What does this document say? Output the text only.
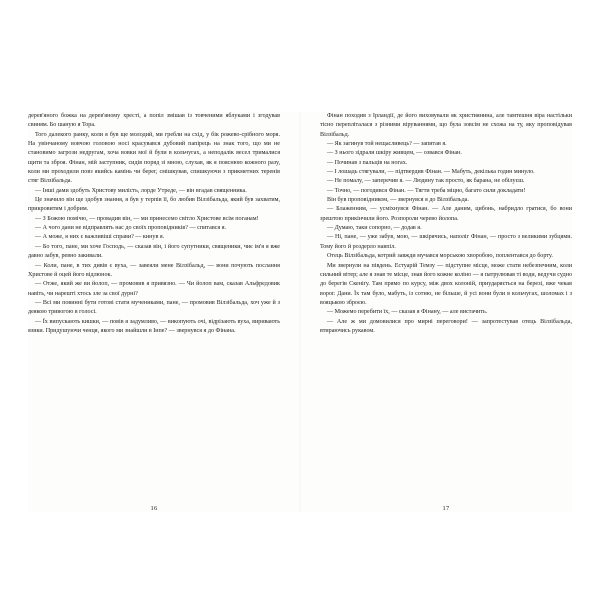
дерев'яного божка на дерев'яному хресті, а попіл змішав із товченими яблуками і згодував свиням. Бо шаную я Тора.

Того далекого ранку, коли я був ще молодий, ми гребли на схід, у бік рожево-срібного моря. На увінчаному вовчою головою носі красувався дубовий папірець на знак того, що ми не становимо загрози недругам, хоча вовки мої й були в кольчугах, а неподалік весел трималися щити та зброя. Фінан, мій заступник, сидів поряд зі мною, слухав, як я пояснюю кожного разу, коли ми проходили повз якийсь камінь чи берег, смішкував, спишкуючи з прикметних теренів стяг Вілзібальда.

— Інші дами здобуть Христову милість, лорде Утреде, — він вгадав священника.

Це значило він ще здобув знання, я був у терпів її, бо любив Вілзібальда, який був захватим, прикровитим і добрим.

— З Божою помічю, — провадив він, — ми принесемо світло Христове всім поганам!

— А чого дани не відправлять нас до своїх проповідників? — спитався я.

— А може, я них є важливіші справи? — кинув я.

— Бо того, пане, ми хоче Господь, — сказав він, і його супутники, священики, чиє ім'я я вже давно забув, ревно закивали.

— Коли, пане, в тих дивів є вуха, — завеяли мене Вілзібальд, — вони почують послання Христове й оцей його відлюнок.

— Отже, який же ви йолоп, — промовив я привязно. — Чи йолоп вам, сказав Альфредовик навіть, чи нарешті хтось зле за свої дурні?

— Всі ми повинні бути готові стати мучениками, пане, — промовив Вілзібальда, хоч уже й з деякою тривогою в голосі.

— Їх випускають кишки, — повів я задумливо, — викопують очі, відрізають вуха, виривають язики. Придушуючи ченця, якого ми знайшли в Інпе? — звернувся я до Фінана.

16

Фінан походив з Ірландії, де його виховували як християнина, але тамтешня віра настільки тісно перепліталася з різними віруваннями, що була зовсім не схожа на ту, яку проповідував Вілзібальд.

— Як загинув той нещасливець? — запитав я.

— З нього зідрали шкіру живцем, — озвався Фінан.

— Починав з пальців на ногах.

— І лошадь стягували, — підтвердив Фінан. — Мабуть, декілька годин минуло.

— Не помалу, — заперечив я. — Людину так просто, як барана, не обілуєш.

— Точно, — погодився Фінан. — Тягти треба міцно, багато сили докладати!

Він був проповідником, — звернувся я до Вілзібальда.

— Блаженним, — усміхнувся Фінан. — Але даним, цибонь, набридло гратися, бо вони зрештою прикінчили його. Розпороли черево йолопа.

— Думаю, таки сопорно, — додав я.

— Ні, пане, — уже забув, мою, — шкірячись, наполіг Фінан, — просто з великими зубцями. Тому його й роздерло навпіл.

Отець Вілзібальда, котрий завжди мучався морською хворобою, поплентався до борту.

Ми звернули на південь. Естуарій Темзу — підступне місце, може стати небезпечним, коли сильний вітер; але я знав те місце, знав його кожне коліно — я патрулював ті води, ведучи судно до берегів Скеніґу. Там прямо по курсу, між двох колоній, приударяється на березі, вже чекав ворог. Дани. Їх там було, мабуть, із сотню, не більше, й усі вони були в кольчугах, шоломах і з вояцькою зброєю.

— Можемо перебити їх, — сказав я Фінану, — але вистачить.

— Але ж ми домовилися про мирні переговори! — запротестував отець Вілзібальда, втираючись рукавом.

17
